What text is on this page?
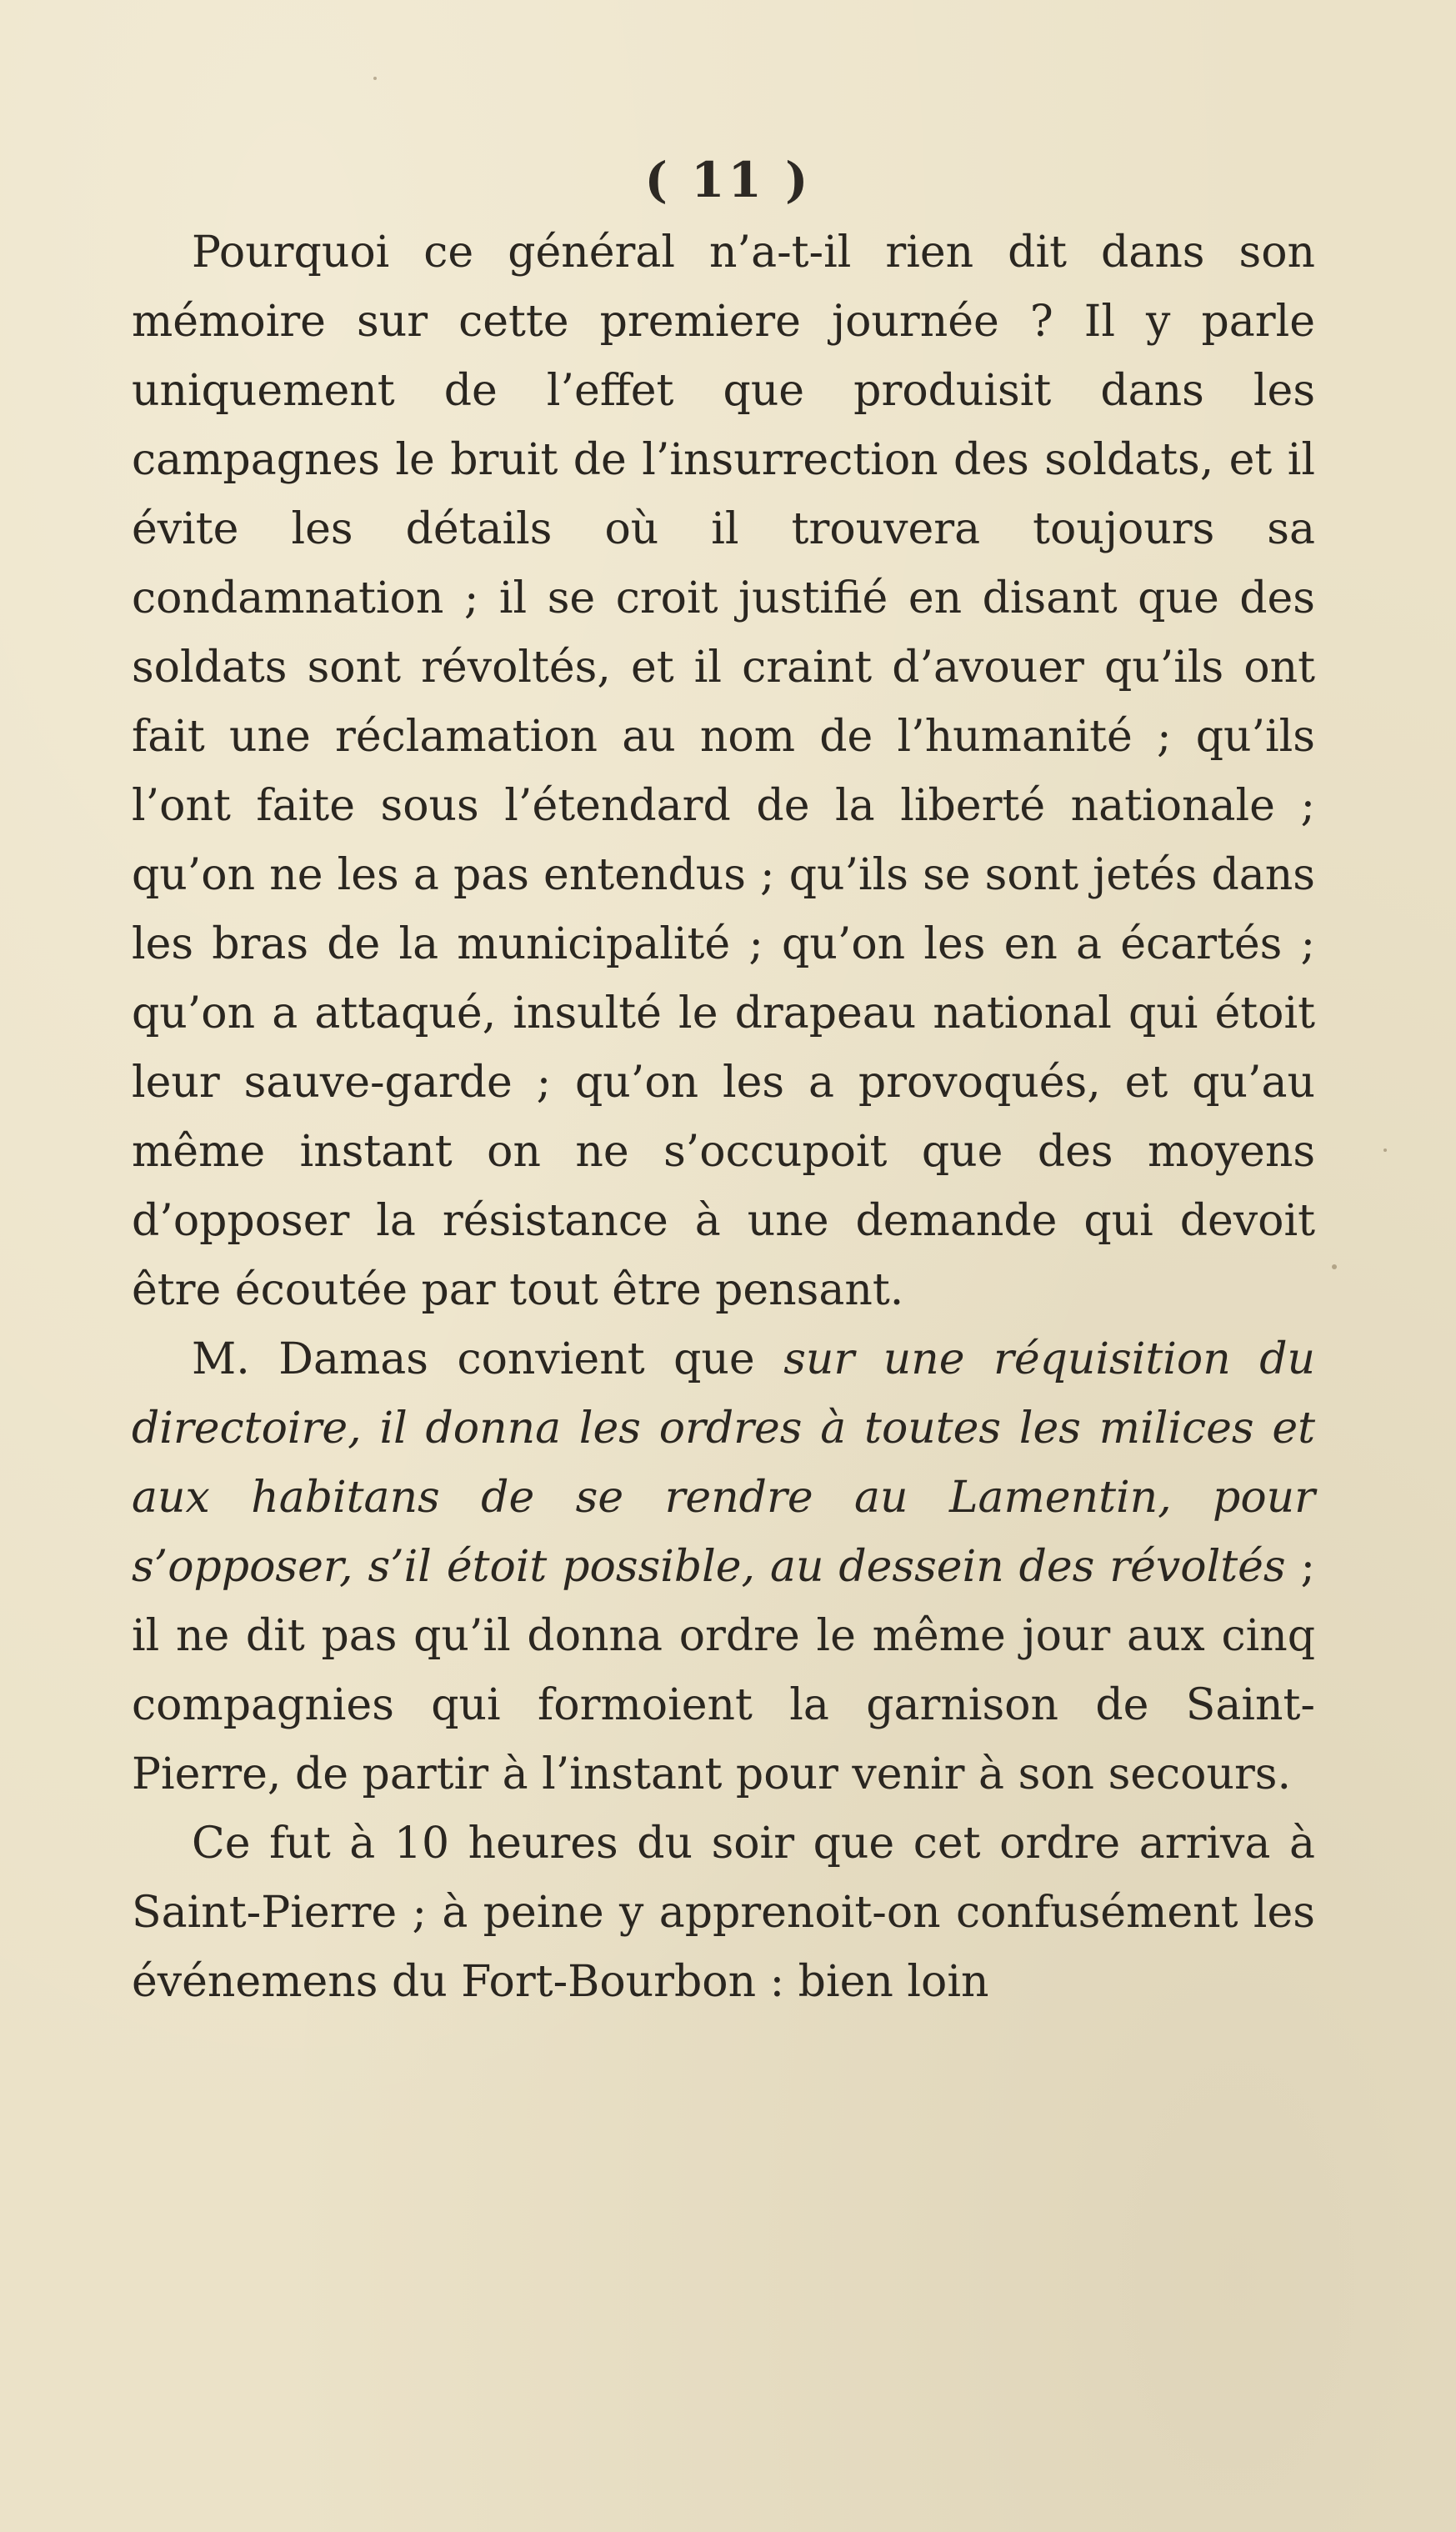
( 11 )

Pourquoi ce général n’a-t-il rien dit dans son mémoire sur cette premiere journée ? Il y parle uniquement de l’effet que produisit dans les campagnes le bruit de l’insurrection des soldats, et il évite les détails où il trouvera toujours sa condamnation ; il se croit justifié en disant que des soldats sont révoltés, et il craint d’avouer qu’ils ont fait une réclamation au nom de l’humanité ; qu’ils l’ont faite sous l’étendard de la liberté nationale ; qu’on ne les a pas entendus ; qu’ils se sont jetés dans les bras de la municipalité ; qu’on les en a écartés ; qu’on a attaqué, insulté le drapeau national qui étoit leur sauve-garde ; qu’on les a provoqués, et qu’au même instant on ne s’occupoit que des moyens d’opposer la résistance à une demande qui devoit être écoutée par tout être pensant.

M. Damas convient que sur une réquisition du directoire, il donna les ordres à toutes les milices et aux habitans de se rendre au Lamentin, pour s’opposer, s’il étoit possible, au dessein des révoltés ; il ne dit pas qu’il donna ordre le même jour aux cinq compagnies qui formoient la garnison de Saint-Pierre, de partir à l’instant pour venir à son secours.

Ce fut à 10 heures du soir que cet ordre arriva à Saint-Pierre ; à peine y apprenoit-on confusément les événemens du Fort-Bourbon : bien loin
